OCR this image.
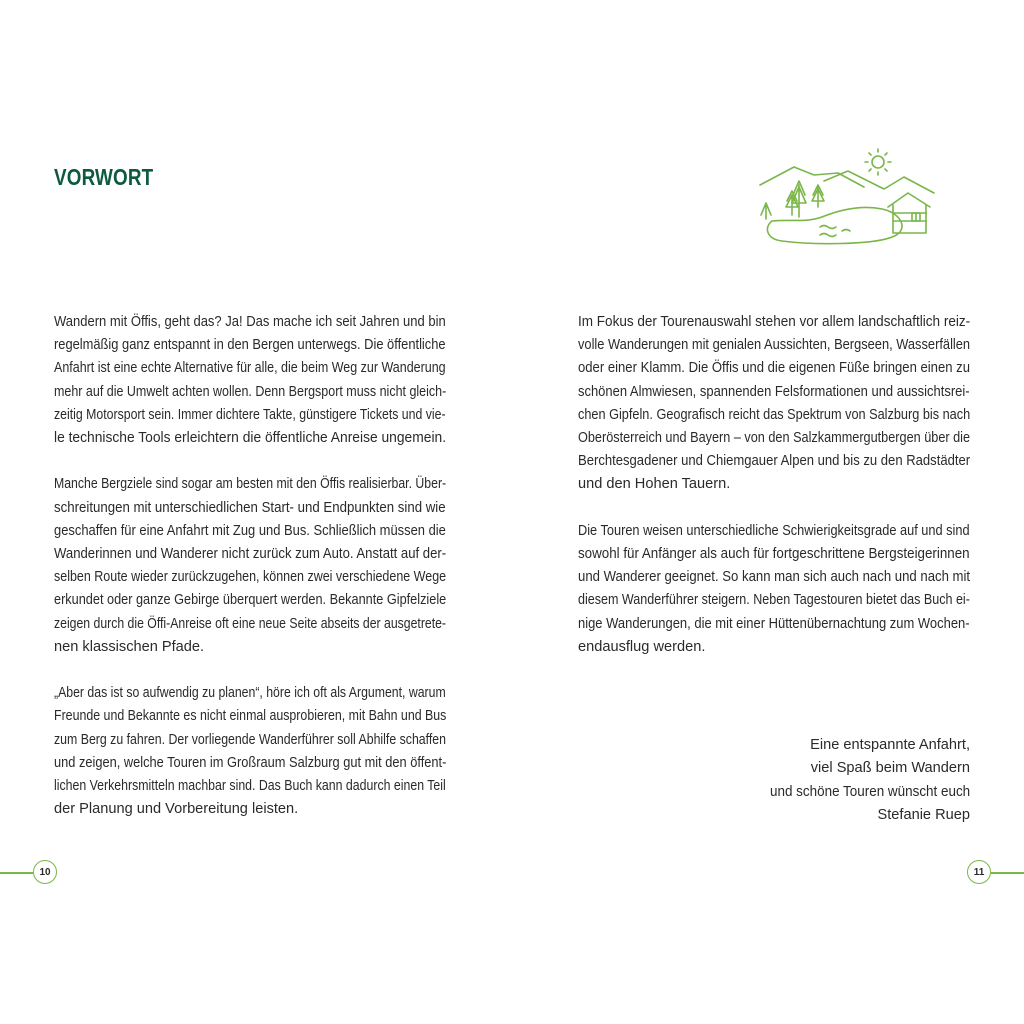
VORWORT
Wandern mit Öffis, geht das? Ja! Das mache ich seit Jahren und bin
regelmäßig ganz entspannt in den Bergen unterwegs. Die öffentliche
Anfahrt ist eine echte Alternative für alle, die beim Weg zur Wanderung
mehr auf die Umwelt achten wollen. Denn Bergsport muss nicht gleich-
zeitig Motorsport sein. Immer dichtere Takte, günstigere Tickets und vie-
le technische Tools erleichtern die öffentliche Anreise ungemein.
Manche Bergziele sind sogar am besten mit den Öffis realisierbar. Über-
schreitungen mit unterschiedlichen Start- und Endpunkten sind wie
geschaffen für eine Anfahrt mit Zug und Bus. Schließlich müssen die
Wanderinnen und Wanderer nicht zurück zum Auto. Anstatt auf der-
selben Route wieder zurückzugehen, können zwei verschiedene Wege
erkundet oder ganze Gebirge überquert werden. Bekannte Gipfelziele
zeigen durch die Öffi-Anreise oft eine neue Seite abseits der ausgetrete-
nen klassischen Pfade.
„Aber das ist so aufwendig zu planen“, höre ich oft als Argument, warum
Freunde und Bekannte es nicht einmal ausprobieren, mit Bahn und Bus
zum Berg zu fahren. Der vorliegende Wanderführer soll Abhilfe schaffen
und zeigen, welche Touren im Großraum Salzburg gut mit den öffent-
lichen Verkehrsmitteln machbar sind. Das Buch kann dadurch einen Teil
der Planung und Vorbereitung leisten.
10
Im Fokus der Tourenauswahl stehen vor allem landschaftlich reiz-
volle Wanderungen mit genialen Aussichten, Bergseen, Wasserfällen
oder einer Klamm. Die Öffis und die eigenen Füße bringen einen zu
schönen Almwiesen, spannenden Felsformationen und aussichtsrei-
chen Gipfeln. Geografisch reicht das Spektrum von Salzburg bis nach
Oberösterreich und Bayern – von den Salzkammergutbergen über die
Berchtesgadener und Chiemgauer Alpen und bis zu den Radstädter
und den Hohen Tauern.
Die Touren weisen unterschiedliche Schwierigkeitsgrade auf und sind
sowohl für Anfänger als auch für fortgeschrittene Bergsteigerinnen
und Wanderer geeignet. So kann man sich auch nach und nach mit
diesem Wanderführer steigern. Neben Tagestouren bietet das Buch ei-
nige Wanderungen, die mit einer Hüttenübernachtung zum Wochen-
endausflug werden.
Eine entspannte Anfahrt,
viel Spaß beim Wandern
und schöne Touren wünscht euch
Stefanie Ruep
11
